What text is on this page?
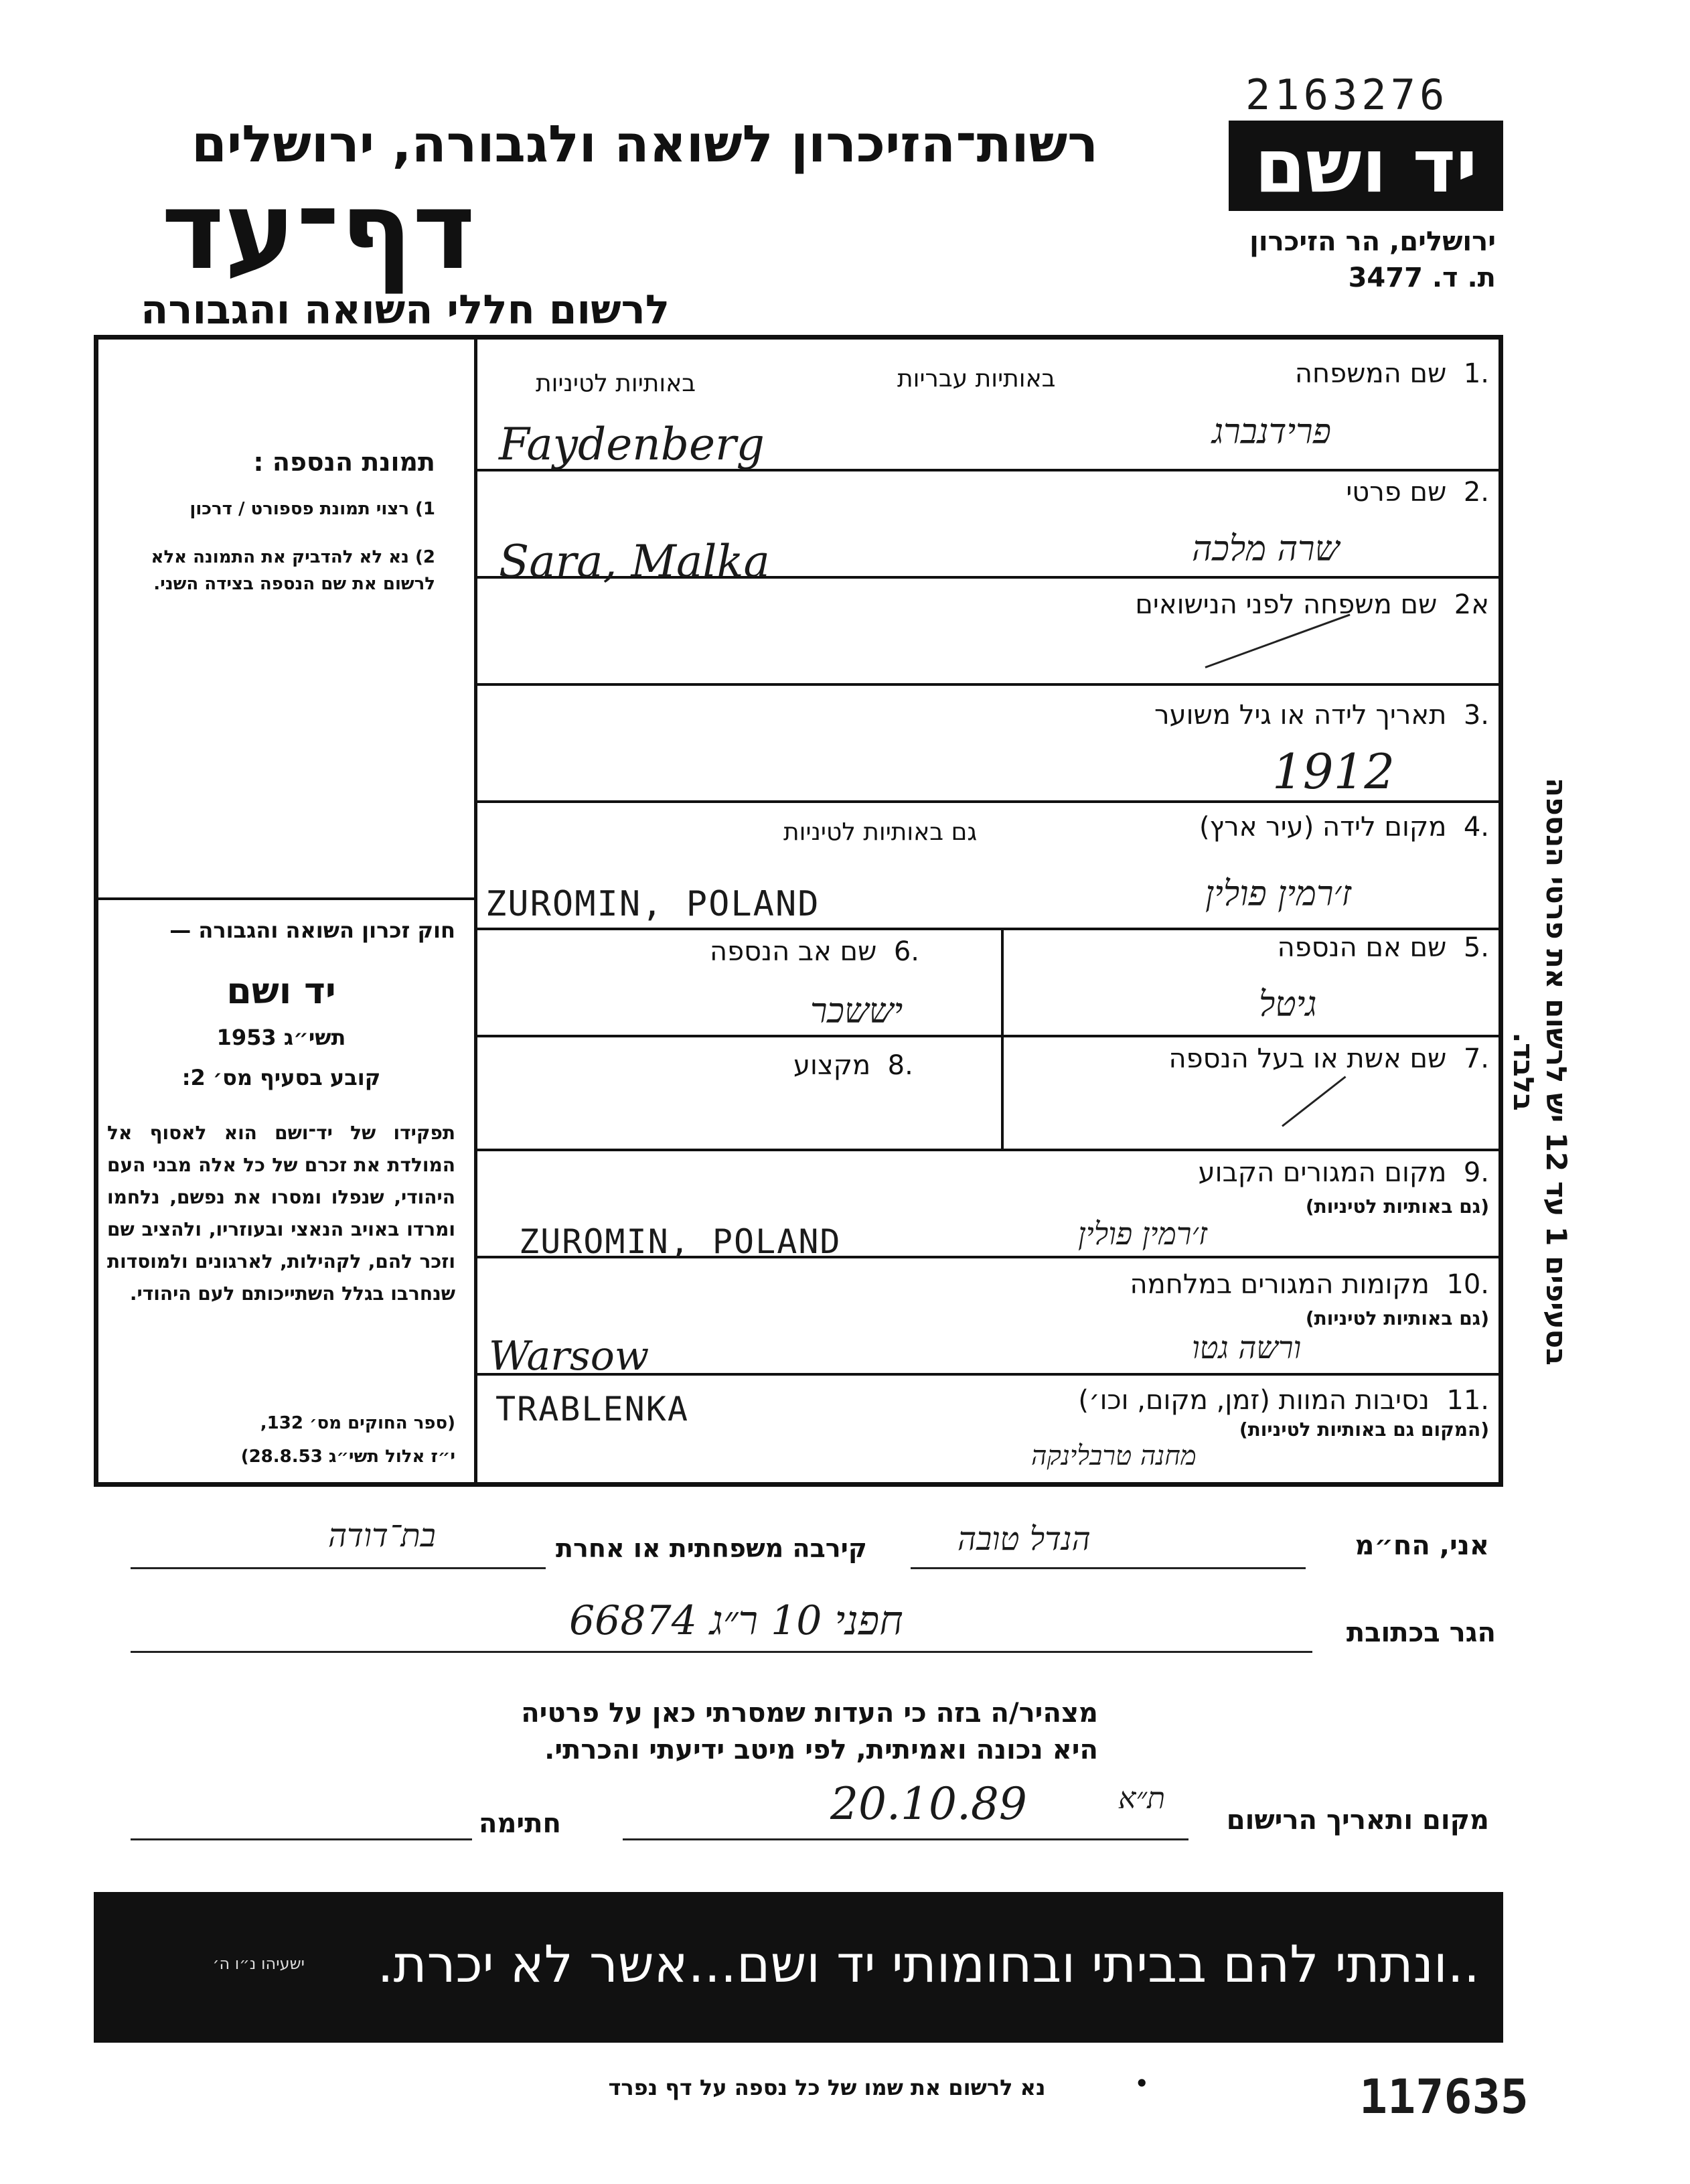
2163276
יד ושם
ירושלים, הר הזיכרון
ת. ד. 3477
רשות־הזיכרון לשואה ולגבורה, ירושלים
דף־עד
לרשום חללי השואה והגבורה
.1  שם המשפחה
באותיות עבריות
באותיות לטיניות
Faydenberg	פרידנברג
.2  שם פרטי
Sara, Malka	שרה מלכה
א2  שם משפחה לפני הנישואים
.3  תאריך לידה או גיל משוער
1912
.4  מקום לידה (עיר ארץ)
גם באותיות לטיניות
ZUROMIN, POLAND	ז׳רמין פולין
.5  שם אם הנספה
גיטל
.6  שם אב הנספה
יששכר
.7  שם אשת או בעל הנספה
.8  מקצוע
.9  מקום המגורים הקבוע
(גם באותיות לטיניות)
ZUROMIN, POLAND	ז׳רמין פולין
.10  מקומות המגורים במלחמה
(גם באותיות לטיניות)
Warsow	ורשה גטו
.11  נסיבות המוות (זמן, מקום, וכו׳)
(המקום גם באותיות לטיניות)
TRABLENKA
מחנה טרבלינקה
תמונת הנספה :
1) רצוי תמונת פספורט / דרכון
2) נא לא להדביק את התמונה אלא לרשום את שם הנספה בצידה השני.
חוק זכרון השואה והגבורה —
יד ושם
תשי״ג 1953
קובע בסעיף מס׳ 2:
תפקידו של יד־ושם הוא לאסוף אל המולדת את זכרם של כל אלה מבני העם היהודי, שנפלו ומסרו את נפשם, נלחמו ומרדו באויב הנאצי ובעוזריו, ולהציב שם וזכר להם, לקהילות, לארגונים ולמוסדות שנחרבו בגלל השתייכותם לעם היהודי.
(ספר החוקים מס׳ 132,
י״ז אלול תשי״ג 28.8.53)
בסעיפים 1 עד 12 יש לרשום את פרטי הנספה בלבד.
אני, הח״מ
הנדל טובה
קירבה משפחתית או אחרת
בת־דודה
הגר בכתובת
חפני 10 ר״ג 66874
מצהיר/ה בזה כי העדות שמסרתי כאן על פרטיה
היא נכונה ואמיתית, לפי מיטב ידיעתי והכרתי.
מקום ותאריך הרישום
20.10.89	ת״א
חתימה
..ונתתי להם בביתי ובחומותי יד ושם...אשר לא יכרת.
ישעיהו נ״ו ה׳
נא לרשום את שמו של כל נספה על דף נפרד	•	117635
